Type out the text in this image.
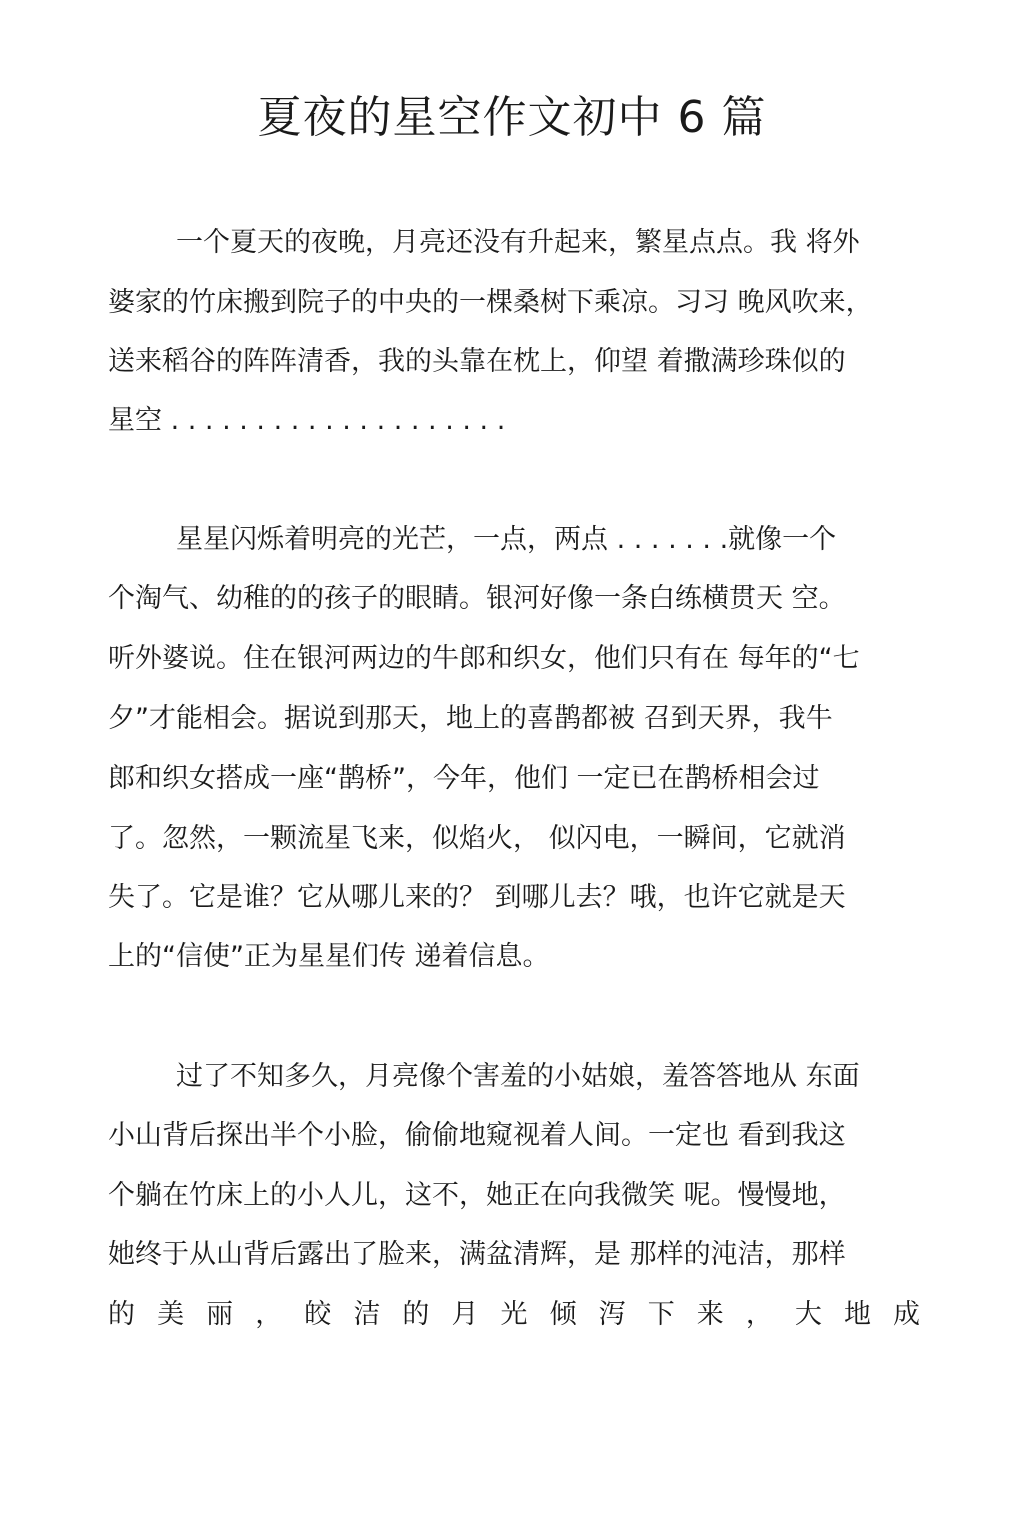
夏夜的星空作文初中 6 篇

一个夏天的夜晚，月亮还没有升起来，繁星点点。我 将外

婆家的竹床搬到院子的中央的一棵桑树下乘凉。习习 晚风吹来，

送来稻谷的阵阵清香，我的头靠在枕上，仰望 着撒满珍珠似的

星空 . . . . . . . . . . . . . . . . . . . .

星星闪烁着明亮的光芒，一点，两点 . . . . . . .就像一个

个淘气、幼稚的的孩子的眼睛。银河好像一条白练横贯天 空。

听外婆说。住在银河两边的牛郎和织女，他们只有在 每年的“七

夕”才能相会。据说到那天，地上的喜鹊都被 召到天界，我牛

郎和织女搭成一座“鹊桥”，今年，他们 一定已在鹊桥相会过

了。忽然，一颗流星飞来，似焰火， 似闪电，一瞬间，它就消

失了。它是谁？它从哪儿来的？ 到哪儿去？哦，也许它就是天

上的“信使”正为星星们传 递着信息。

过了不知多久，月亮像个害羞的小姑娘，羞答答地从 东面

小山背后探出半个小脸，偷偷地窥视着人间。一定也 看到我这

个躺在竹床上的小人儿，这不，她正在向我微笑 呢。慢慢地，

她终于从山背后露出了脸来，满盆清辉，是 那样的沌洁，那样

的 美 丽 ， 皎 洁 的 月 光 倾 泻 下 来 ， 大 地 成
